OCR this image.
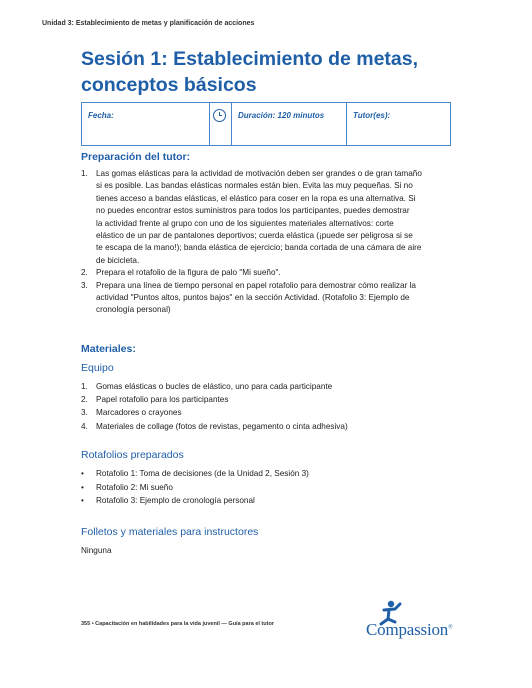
Unidad 3: Establecimiento de metas y planificación de acciones
Sesión 1: Establecimiento de metas,
conceptos básicos
Fecha:	Duración: 120 minutos	Tutor(es):
Preparación del tutor:
1. Las gomas elásticas para la actividad de motivación deben ser grandes o de gran tamaño
si es posible. Las bandas elásticas normales están bien. Evita las muy pequeñas. Si no
tienes acceso a bandas elásticas, el elástico para coser en la ropa es una alternativa. Si
no puedes encontrar estos suministros para todos los participantes, puedes demostrar
la actividad frente al grupo con uno de los siguientes materiales alternativos: corte
elástico de un par de pantalones deportivos; cuerda elástica (¡puede ser peligrosa si se
te escapa de la mano!); banda elástica de ejercicio; banda cortada de una cámara de aire
de bicicleta.
2. Prepara el rotafolio de la figura de palo "Mi sueño".
3. Prepara una línea de tiempo personal en papel rotafolio para demostrar cómo realizar la
actividad "Puntos altos, puntos bajos" en la sección Actividad. (Rotafolio 3: Ejemplo de
cronología personal)
Materiales:
Equipo
1. Gomas elásticas o bucles de elástico, uno para cada participante
2. Papel rotafolio para los participantes
3. Marcadores o crayones
4. Materiales de collage (fotos de revistas, pegamento o cinta adhesiva)
Rotafolios preparados
• Rotafolio 1: Toma de decisiones (de la Unidad 2, Sesión 3)
• Rotafolio 2: Mi sueño
• Rotafolio 3: Ejemplo de cronología personal
Folletos y materiales para instructores
Ninguna
355 • Capacitación en habilidades para la vida juvenil — Guía para el tutor	Compassion®
